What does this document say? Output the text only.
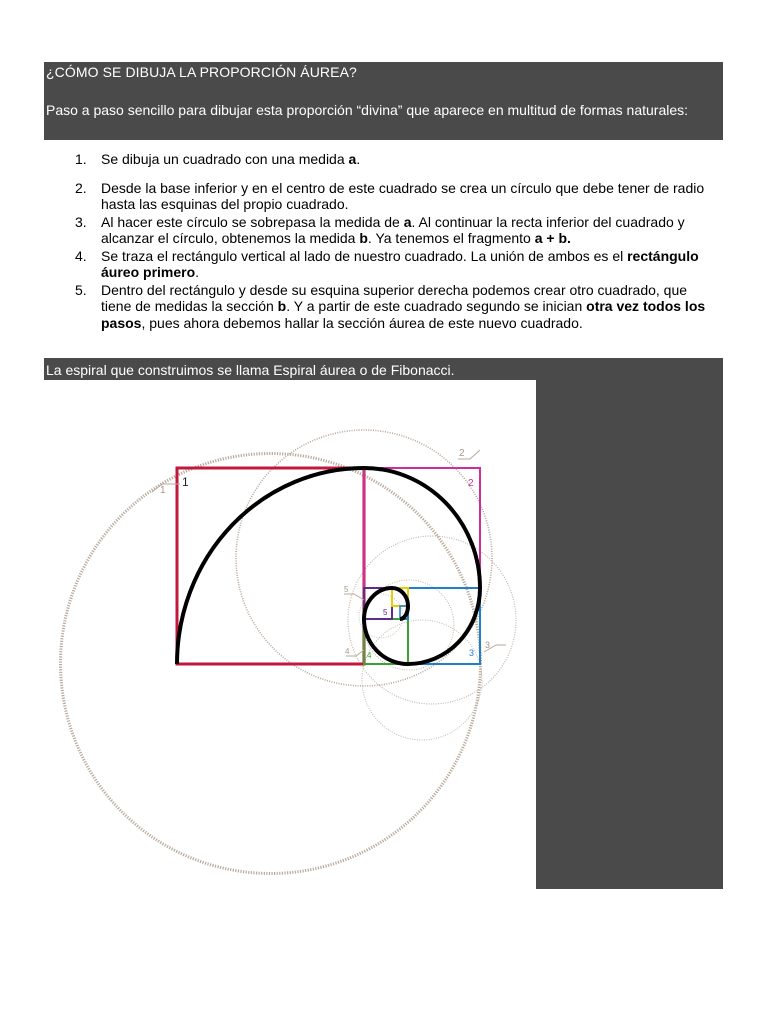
¿CÓMO SE DIBUJA LA PROPORCIÓN ÁUREA?
Paso a paso sencillo para dibujar esta proporción “divina” que aparece en multitud de formas naturales:
1.	Se dibuja un cuadrado con una medida a.
2.	Desde la base inferior y en el centro de este cuadrado se crea un círculo que debe tener de radio hasta las esquinas del propio cuadrado.
3.	Al hacer este círculo se sobrepasa la medida de a. Al continuar la recta inferior del cuadrado y alcanzar el círculo, obtenemos la medida b. Ya tenemos el fragmento a + b.
4.	Se traza el rectángulo vertical al lado de nuestro cuadrado. La unión de ambos es el rectángulo áureo primero.
5.	Dentro del rectángulo y desde su esquina superior derecha podemos crear otro cuadrado, que tiene de medidas la sección b. Y a partir de este cuadrado segundo se inician otra vez todos los pasos, pues ahora debemos hallar la sección áurea de este nuevo cuadrado.
La espiral que construimos se llama Espiral áurea o de Fibonacci.
1	2
3
4
5
1
2
3
4
5
